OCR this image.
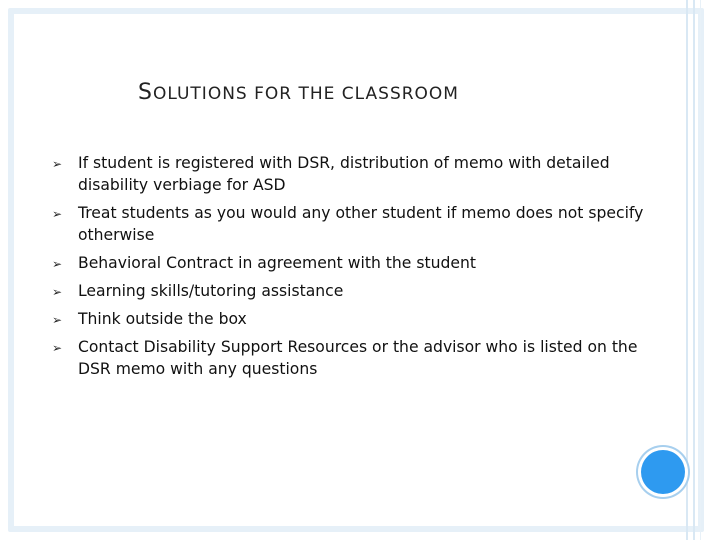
SOLUTIONS FOR THE CLASSROOM
➢ If student is registered with DSR, distribution of memo with detailed disability verbiage for ASD
➢ Treat students as you would any other student if memo does not specify otherwise
➢ Behavioral Contract in agreement with the student
➢ Learning skills/tutoring assistance
➢ Think outside the box
➢ Contact Disability Support Resources or the advisor who is listed on the DSR memo with any questions
